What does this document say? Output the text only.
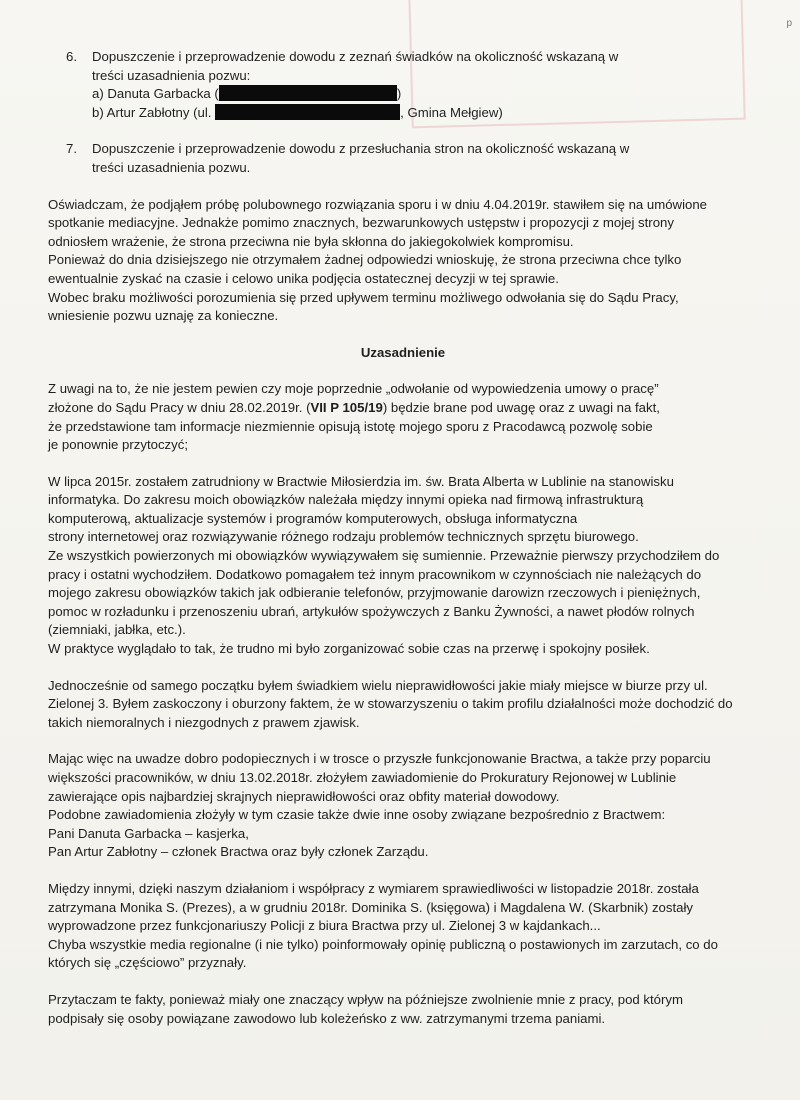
p
6. Dopuszczenie i przeprowadzenie dowodu z zeznań świadków na okoliczność wskazaną w

treści uzasadnienia pozwu:

a) Danuta Garbacka (	)

b) Artur Zabłotny (ul.	, Gmina Mełgiew)

7. Dopuszczenie i przeprowadzenie dowodu z przesłuchania stron na okoliczność wskazaną w

treści uzasadnienia pozwu.

Oświadczam, że podjąłem próbę polubownego rozwiązania sporu i w dniu 4.04.2019r. stawiłem się na umówione

spotkanie mediacyjne. Jednakże pomimo znacznych, bezwarunkowych ustępstw i propozycji z mojej strony

odniosłem wrażenie, że strona przeciwna nie była skłonna do jakiegokolwiek kompromisu.

Ponieważ do dnia dzisiejszego nie otrzymałem żadnej odpowiedzi wnioskuję, że strona przeciwna chce tylko

ewentualnie zyskać na czasie i celowo unika podjęcia ostatecznej decyzji w tej sprawie.

Wobec braku możliwości porozumienia się przed upływem terminu możliwego odwołania się do Sądu Pracy,

wniesienie pozwu uznaję za konieczne.

Uzasadnienie

Z uwagi na to, że nie jestem pewien czy moje poprzednie „odwołanie od wypowiedzenia umowy o pracę”

złożone do Sądu Pracy w dniu 28.02.2019r. (VII P 105/19) będzie brane pod uwagę oraz z uwagi na fakt,

że przedstawione tam informacje niezmiennie opisują istotę mojego sporu z Pracodawcą pozwolę sobie

je ponownie przytoczyć;

W lipca 2015r. zostałem zatrudniony w Bractwie Miłosierdzia im. św. Brata Alberta w Lublinie na stanowisku

informatyka. Do zakresu moich obowiązków należała między innymi opieka nad firmową infrastrukturą

komputerową, aktualizacje systemów i programów komputerowych, obsługa informatyczna

strony internetowej oraz rozwiązywanie różnego rodzaju problemów technicznych sprzętu biurowego.

Ze wszystkich powierzonych mi obowiązków wywiązywałem się sumiennie. Przeważnie pierwszy przychodziłem do

pracy i ostatni wychodziłem. Dodatkowo pomagałem też innym pracownikom w czynnościach nie należących do

mojego zakresu obowiązków takich jak odbieranie telefonów, przyjmowanie darowizn rzeczowych i pieniężnych,

pomoc w rozładunku i przenoszeniu ubrań, artykułów spożywczych z Banku Żywności, a nawet płodów rolnych

(ziemniaki, jabłka, etc.).

W praktyce wyglądało to tak, że trudno mi było zorganizować sobie czas na przerwę i spokojny posiłek.

Jednocześnie od samego początku byłem świadkiem wielu nieprawidłowości jakie miały miejsce w biurze przy ul.

Zielonej 3. Byłem zaskoczony i oburzony faktem, że w stowarzyszeniu o takim profilu działalności może dochodzić do

takich niemoralnych i niezgodnych z prawem zjawisk.

Mając więc na uwadze dobro podopiecznych i w trosce o przyszłe funkcjonowanie Bractwa, a także przy poparciu

większości pracowników, w dniu 13.02.2018r. złożyłem zawiadomienie do Prokuratury Rejonowej w Lublinie

zawierające opis najbardziej skrajnych nieprawidłowości oraz obfity materiał dowodowy.

Podobne zawiadomienia złożyły w tym czasie także dwie inne osoby związane bezpośrednio z Bractwem:

Pani Danuta Garbacka – kasjerka,

Pan Artur Zabłotny – członek Bractwa oraz były członek Zarządu.

Między innymi, dzięki naszym działaniom i współpracy z wymiarem sprawiedliwości w listopadzie 2018r. została

zatrzymana Monika S. (Prezes), a w grudniu 2018r. Dominika S. (księgowa) i Magdalena W. (Skarbnik) zostały

wyprowadzone przez funkcjonariuszy Policji z biura Bractwa przy ul. Zielonej 3 w kajdankach...

Chyba wszystkie media regionalne (i nie tylko) poinformowały opinię publiczną o postawionych im zarzutach, co do

których się „częściowo” przyznały.

Przytaczam te fakty, ponieważ miały one znaczący wpływ na późniejsze zwolnienie mnie z pracy, pod którym

podpisały się osoby powiązane zawodowo lub koleżeńsko z ww. zatrzymanymi trzema paniami.
